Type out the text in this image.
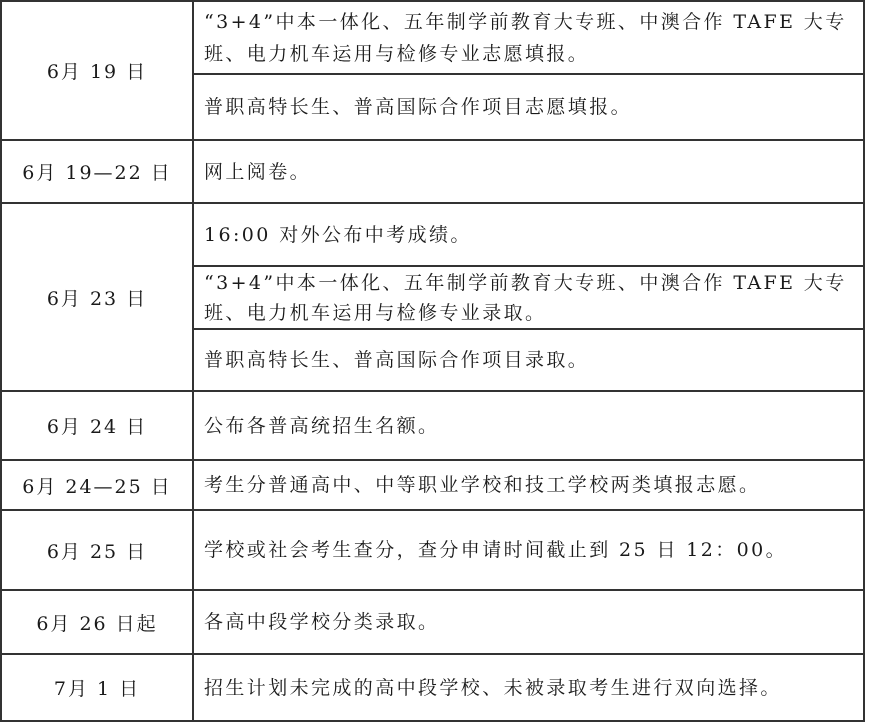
6月 19 日	“3+4”中本一体化、五年制学前教育大专班、中澳合作 TAFE 大专班、电力机车运用与检修专业志愿填报。
	普职高特长生、普高国际合作项目志愿填报。
6月 19—22 日	网上阅卷。
6月 23 日	16:00 对外公布中考成绩。
	“3+4”中本一体化、五年制学前教育大专班、中澳合作 TAFE 大专班、电力机车运用与检修专业录取。
	普职高特长生、普高国际合作项目录取。
6月 24 日	公布各普高统招生名额。
6月 24—25 日	考生分普通高中、中等职业学校和技工学校两类填报志愿。
6月 25 日	学校或社会考生查分，查分申请时间截止到 25 日 12：00。
6月 26 日起	各高中段学校分类录取。
7月 1 日	招生计划未完成的高中段学校、未被录取考生进行双向选择。
